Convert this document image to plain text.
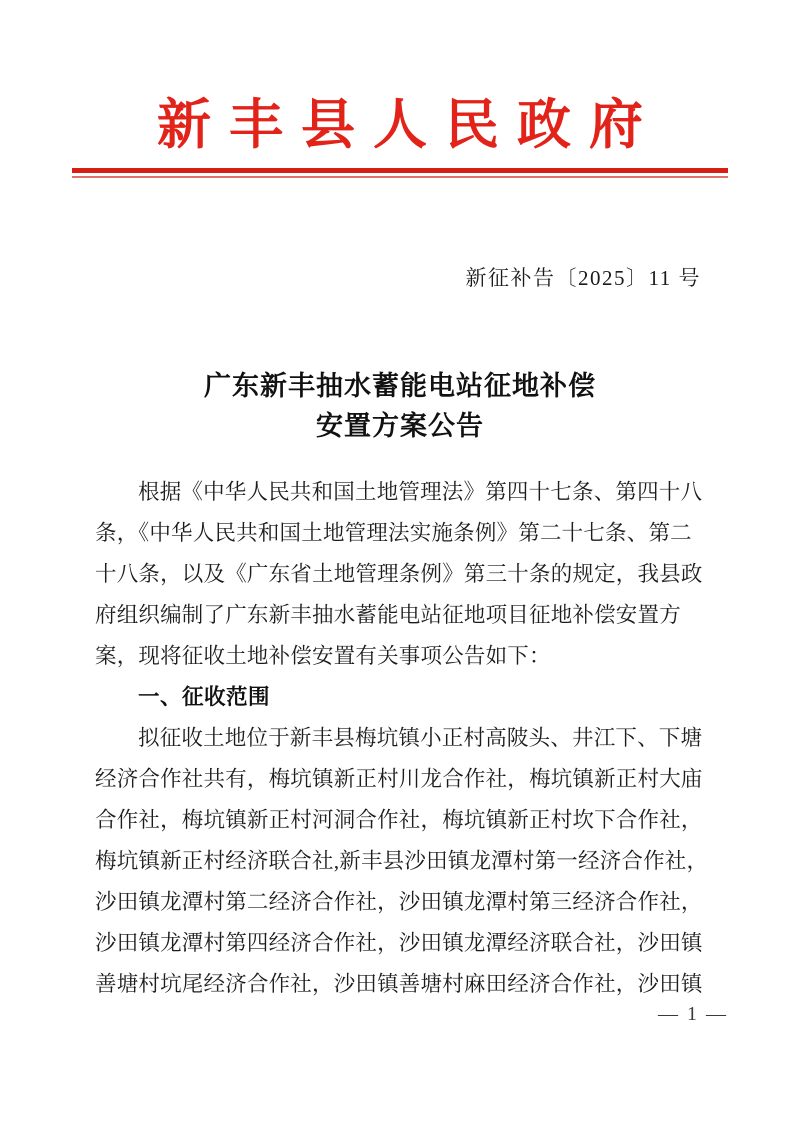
新丰县人民政府
新征补告〔2025〕11 号
广东新丰抽水蓄能电站征地补偿
安置方案公告

根据《中华人民共和国土地管理法》第四十七条、第四十八
条，《中华人民共和国土地管理法实施条例》第二十七条、第二
十八条，以及《广东省土地管理条例》第三十条的规定，我县政
府组织编制了广东新丰抽水蓄能电站征地项目征地补偿安置方
案，现将征收土地补偿安置有关事项公告如下：

一、征收范围

拟征收土地位于新丰县梅坑镇小正村高陂头、井江下、下塘
经济合作社共有，梅坑镇新正村川龙合作社，梅坑镇新正村大庙
合作社，梅坑镇新正村河洞合作社，梅坑镇新正村坎下合作社，
梅坑镇新正村经济联合社,新丰县沙田镇龙潭村第一经济合作社，
沙田镇龙潭村第二经济合作社，沙田镇龙潭村第三经济合作社，
沙田镇龙潭村第四经济合作社，沙田镇龙潭经济联合社，沙田镇
善塘村坑尾经济合作社，沙田镇善塘村麻田经济合作社，沙田镇

— 1 —
